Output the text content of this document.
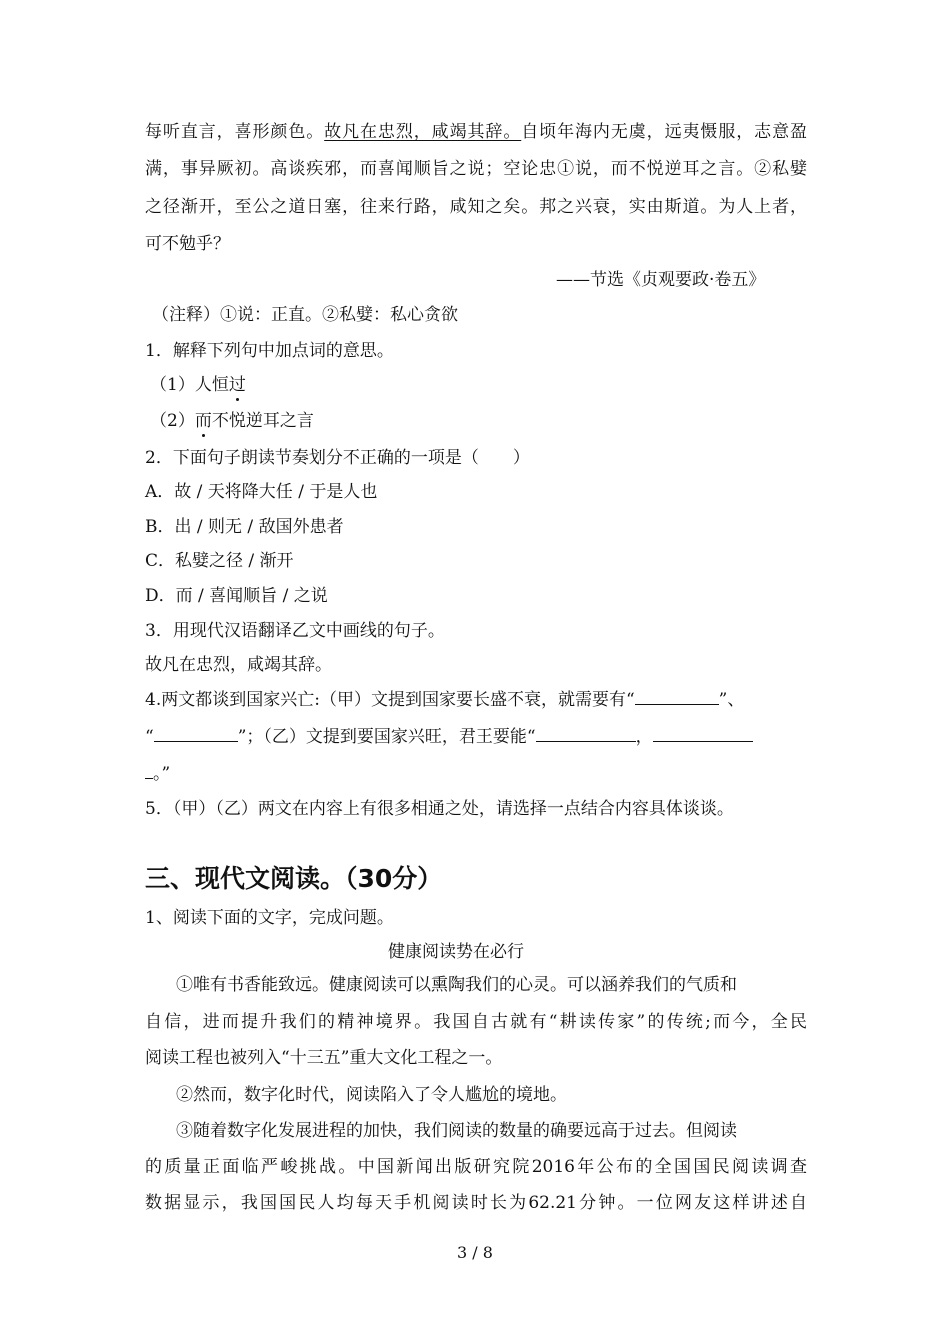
每听直言，喜形颜色。故凡在忠烈，咸竭其辞。自顷年海内无虞，远夷慑服，志意盈
满，事异厥初。高谈疾邪，而喜闻顺旨之说；空论忠①说，而不悦逆耳之言。②私嬖
之径渐开，至公之道日塞，往来行路，咸知之矣。邦之兴衰，实由斯道。为人上者，
可不勉乎？
——节选《贞观要政·卷五》
（注释）①说：正直。②私嬖：私心贪欲
1．解释下列句中加点词的意思。
（1）人恒过
（2）而不悦逆耳之言
2．下面句子朗读节奏划分不正确的一项是（　　）
A．故 / 天将降大任 / 于是人也
B．出 / 则无 / 敌国外患者
C．私嬖之径 / 渐开
D．而 / 喜闻顺旨 / 之说
3．用现代汉语翻译乙文中画线的句子。
故凡在忠烈，咸竭其辞。
4.两文都谈到国家兴亡:（甲）文提到国家要长盛不衰，就需要有“	”、
“	”；（乙）文提到要国家兴旺，君王要能“	，
。”
5．（甲）（乙）两文在内容上有很多相通之处，请选择一点结合内容具体谈谈。
三、现代文阅读。（30分）
1、阅读下面的文字，完成问题。
健康阅读势在必行
①唯有书香能致远。健康阅读可以熏陶我们的心灵。可以涵养我们的气质和
自信，进而提升我们的精神境界。我国自古就有“耕读传家”的传统;而今，全民
阅读工程也被列入“十三五”重大文化工程之一。
②然而，数字化时代，阅读陷入了令人尴尬的境地。
③随着数字化发展进程的加快，我们阅读的数量的确要远高于过去。但阅读
的质量正面临严峻挑战。中国新闻出版研究院2016年公布的全国国民阅读调查
数据显示，我国国民人均每天手机阅读时长为62.21分钟。一位网友这样讲述自
3 / 8
